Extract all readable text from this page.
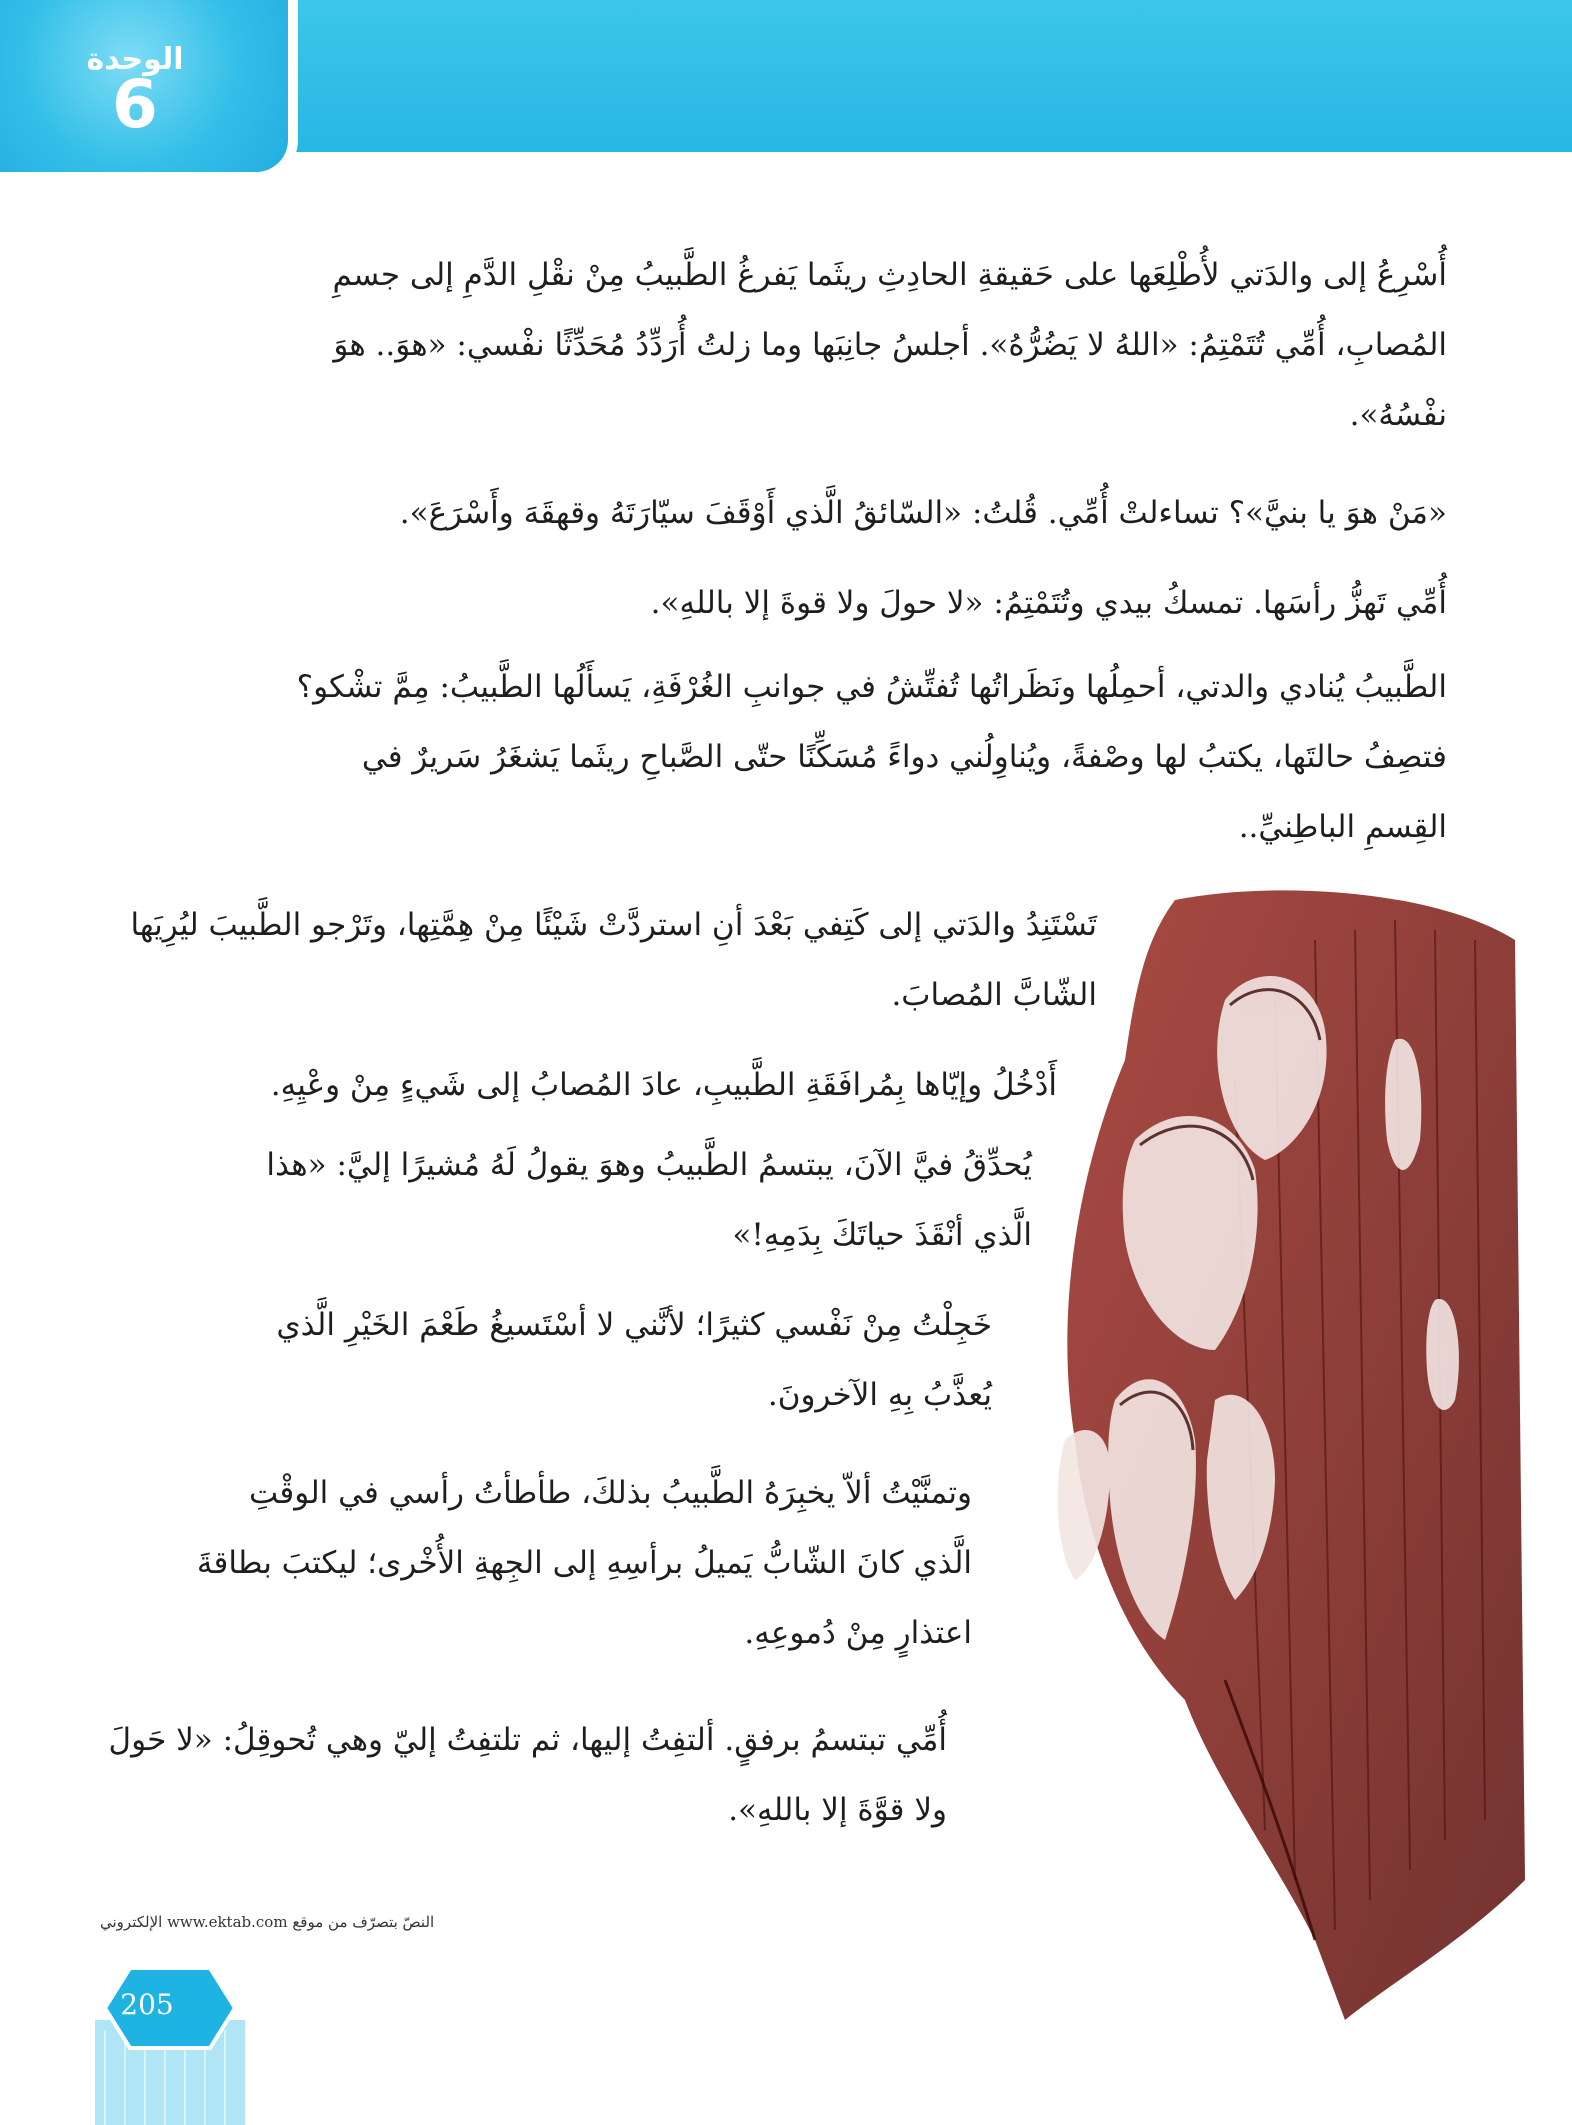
الوحدة
6
أُسْرِعُ إلى والدَتي لأُطْلِعَها على حَقيقةِ الحادِثِ ريثَما يَفرغُ الطَّبيبُ مِنْ نقْلِ الدَّمِ إلى جسمِ
المُصابِ، أُمِّي تُتَمْتِمُ: «اللهُ لا يَضُرُّهُ». أجلسُ جانِبَها وما زلتُ أُرَدِّدُ مُحَدِّثًا نفْسي: «هوَ.. هوَ
نفْسُهُ».
«مَنْ هوَ يا بنيَّ»؟ تساءلتْ أُمِّي. قُلتُ: «السّائقُ الَّذي أَوْقَفَ سيّارَتَهُ وقهقَهَ وأَسْرَعَ».
أُمِّي تَهزُّ رأسَها. تمسكُ بيدي وتُتَمْتِمُ: «لا حولَ ولا قوةَ إلا باللهِ».
الطَّبيبُ يُنادي والدتي، أحمِلُها ونَظَراتُها تُفتِّشُ في جوانبِ الغُرْفَةِ، يَسأَلُها الطَّبيبُ: مِمَّ تشْكو؟
فتصِفُ حالتَها، يكتبُ لها وصْفةً، ويُناوِلُني دواءً مُسَكِّنًا حتّى الصَّباحِ ريثَما يَشغَرُ سَريرٌ في
القِسمِ الباطِنيِّ..
تَسْتَنِدُ والدَتي إلى كَتِفي بَعْدَ أنِ استردَّتْ شَيْئًا مِنْ هِمَّتِها، وتَرْجو الطَّبيبَ ليُرِيَها
الشّابَّ المُصابَ.
أَدْخُلُ وإيّاها بِمُرافَقَةِ الطَّبيبِ، عادَ المُصابُ إلى شَيءٍ مِنْ وعْيِهِ.
يُحدِّقُ فيَّ الآنَ، يبتسمُ الطَّبيبُ وهوَ يقولُ لَهُ مُشيرًا إليَّ: «هذا
الَّذي أنْقَذَ حياتَكَ بِدَمِهِ!»
خَجِلْتُ مِنْ نَفْسي كثيرًا؛ لأنَّني لا أسْتَسيغُ طَعْمَ الخَيْرِ الَّذي
يُعذَّبُ بِهِ الآخرونَ.
وتمنَّيْتُ ألاّ يخبِرَهُ الطَّبيبُ بذلكَ، طأطأتُ رأسي في الوقْتِ
الَّذي كانَ الشّابُّ يَميلُ برأسِهِ إلى الجِهةِ الأُخْرى؛ ليكتبَ بطاقةَ
اعتذارٍ مِنْ دُموعِهِ.
أُمِّي تبتسمُ برفقٍ. ألتفِتُ إليها، ثم تلتفِتُ إليّ وهي تُحوقِلُ: «لا حَولَ
ولا قوَّةَ إلا باللهِ».
النصّ بتصرّف من موقع www.ektab.com الإلكتروني
205
